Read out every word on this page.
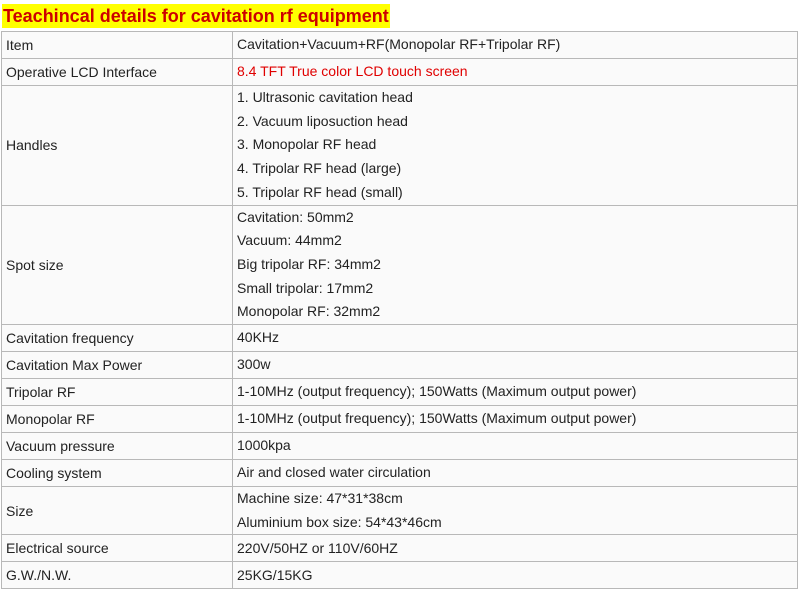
Teachincal details for cavitation rf equipment
Item	Cavitation+Vacuum+RF(Monopolar RF+Tripolar RF)

Operative LCD Interface	8.4 TFT True color LCD touch screen

Handles	1. Ultrasonic cavitation head
2. Vacuum liposuction head
3. Monopolar RF head
4. Tripolar RF head (large)
5. Tripolar RF head (small)

Spot size	Cavitation: 50mm2
Vacuum: 44mm2
Big tripolar RF: 34mm2
Small tripolar: 17mm2
Monopolar RF: 32mm2

Cavitation frequency	40KHz

Cavitation Max Power	300w

Tripolar RF	1-10MHz (output frequency); 150Watts (Maximum output power)

Monopolar RF	1-10MHz (output frequency); 150Watts (Maximum output power)

Vacuum pressure	1000kpa

Cooling system	Air and closed water circulation

Size	Machine size: 47*31*38cm
Aluminium box size: 54*43*46cm

Electrical source	220V/50HZ or 110V/60HZ

G.W./N.W.	25KG/15KG
